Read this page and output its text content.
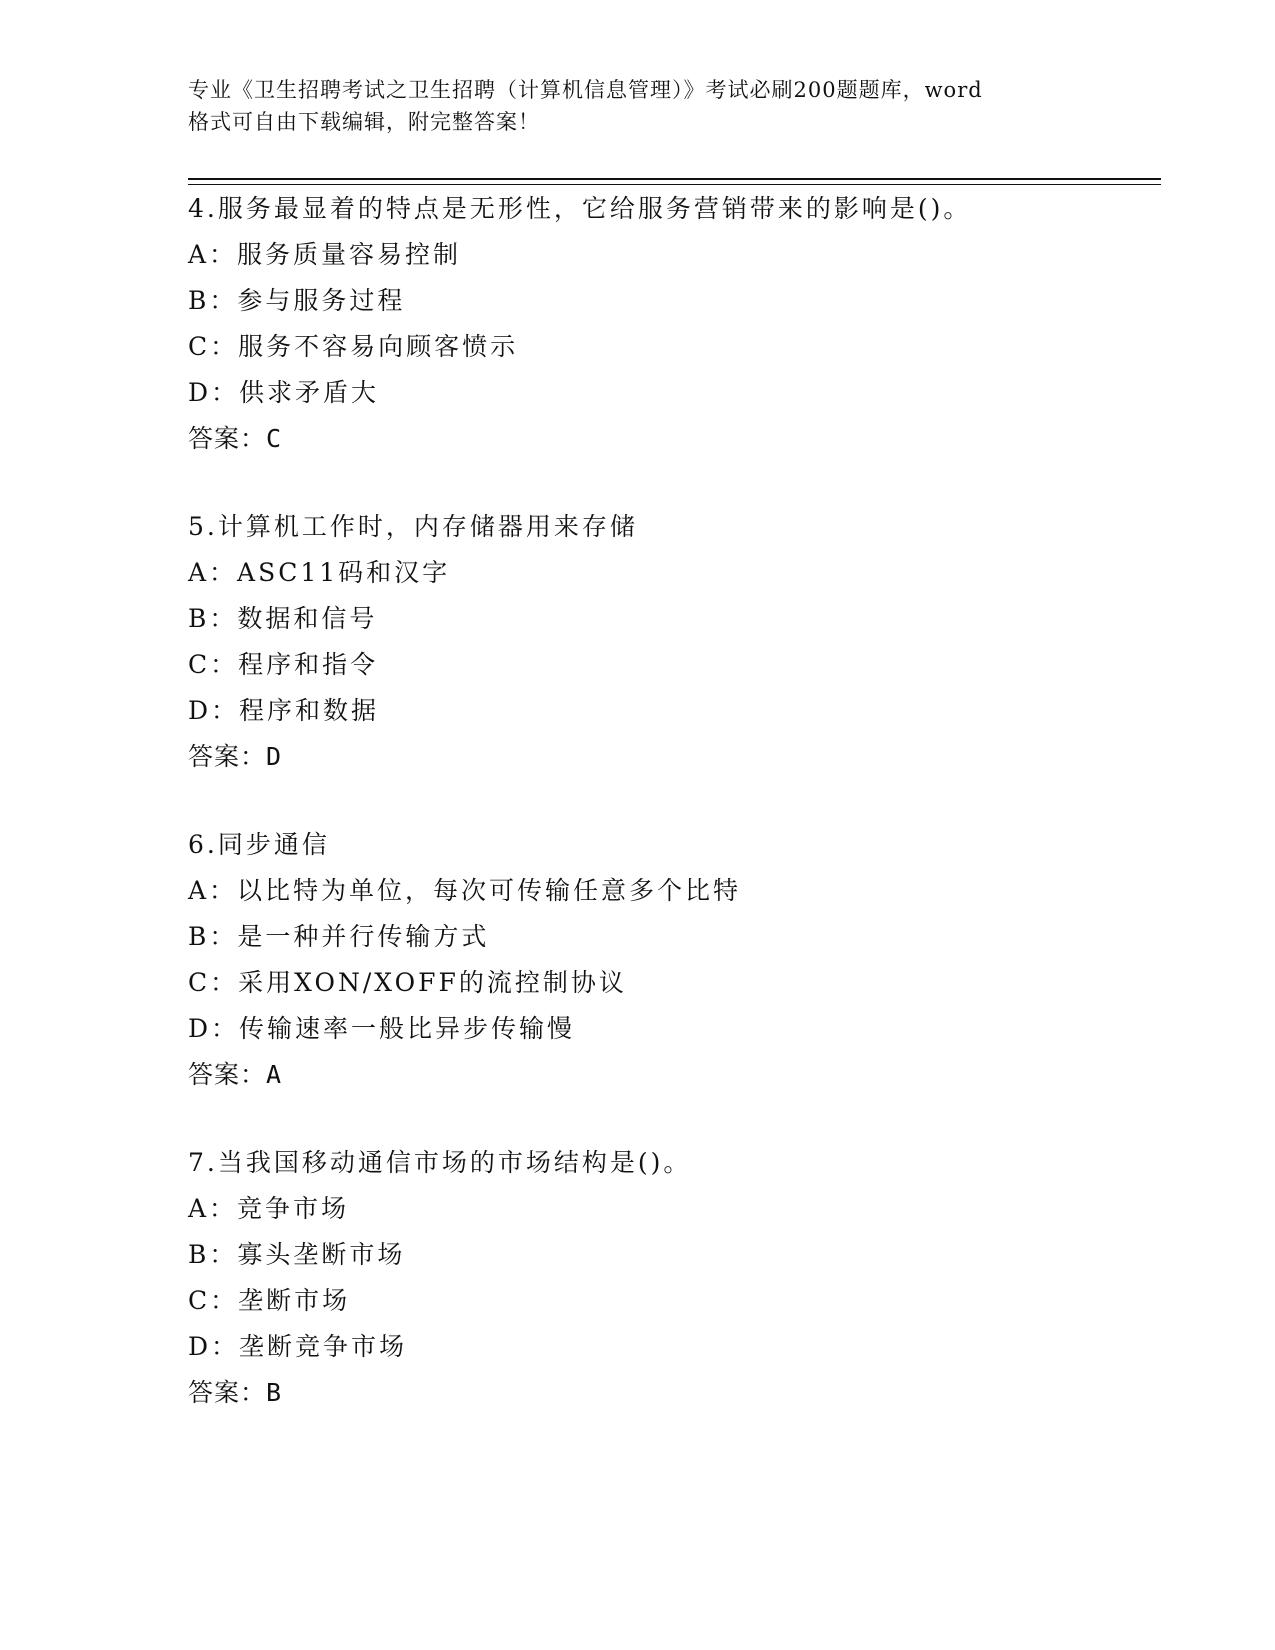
专业《卫生招聘考试之卫生招聘（计算机信息管理）》考试必刷200题题库，word
格式可自由下载编辑，附完整答案！
4.服务最显着的特点是无形性，它给服务营销带来的影响是()。
A：服务质量容易控制
B：参与服务过程
C：服务不容易向顾客愤示
D：供求矛盾大
答案：C
5.计算机工作时，内存储器用来存储
A：ASC11码和汉字
B：数据和信号
C：程序和指令
D：程序和数据
答案：D
6.同步通信
A：以比特为单位，每次可传输任意多个比特
B：是一种并行传输方式
C：采用XON/XOFF的流控制协议
D：传输速率一般比异步传输慢
答案：A
7.当我国移动通信市场的市场结构是()。
A：竞争市场
B：寡头垄断市场
C：垄断市场
D：垄断竞争市场
答案：B
